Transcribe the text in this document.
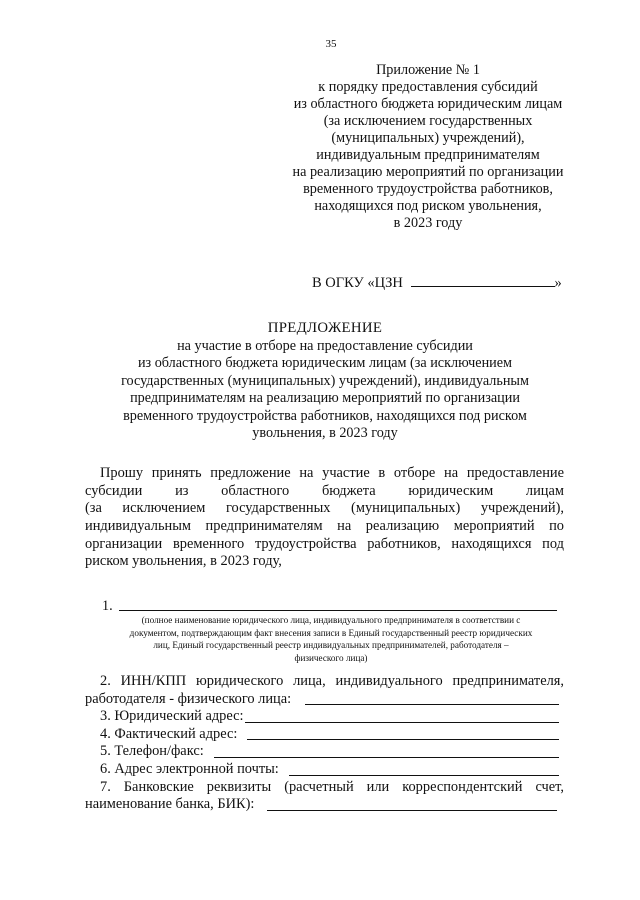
35
Приложение № 1
к порядку предоставления субсидий
из областного бюджета юридическим лицам
(за исключением государственных
(муниципальных) учреждений),
индивидуальным предпринимателям
на реализацию мероприятий по организации
временного трудоустройства работников,
находящихся под риском увольнения,
в 2023 году
В ОГКУ «ЦЗН	»
ПРЕДЛОЖЕНИЕ
на участие в отборе на предоставление субсидии
из областного бюджета юридическим лицам (за исключением
государственных (муниципальных) учреждений), индивидуальным
предпринимателям на реализацию мероприятий по организации
временного трудоустройства работников, находящихся под риском
увольнения, в 2023 году
Прошу принять предложение на участие в отборе на предоставление
субсидии из областного бюджета юридическим лицам
(за исключением государственных (муниципальных) учреждений),
индивидуальным предпринимателям на реализацию мероприятий по
организации временного трудоустройства работников, находящихся под
риском увольнения, в 2023 году,
1.
(полное наименование юридического лица, индивидуального предпринимателя в соответствии с
документом, подтверждающим факт внесения записи в Единый государственный реестр юридических
лиц, Единый государственный реестр индивидуальных предпринимателей, работодателя –
физического лица)
2. ИНН/КПП юридического лица, индивидуального предпринимателя,
работодателя - физического лица:
3. Юридический адрес:
4. Фактический адрес:
5. Телефон/факс:
6. Адрес электронной почты:
7. Банковские реквизиты (расчетный или корреспондентский счет,
наименование банка, БИК):
